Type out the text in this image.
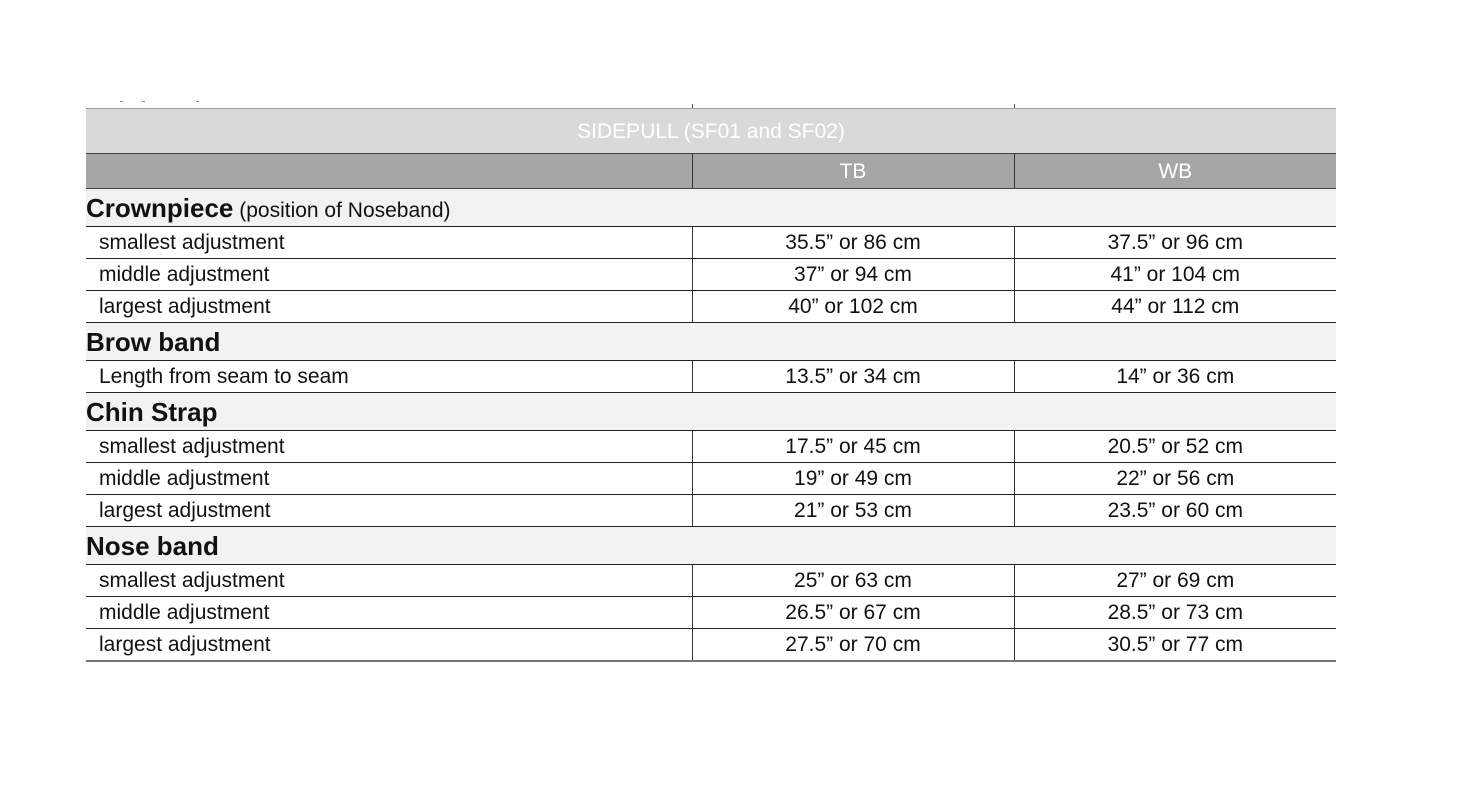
SIDEPULL (SF01 and SF02)		
	TB	WB
Crownpiece (position of Noseband)		
smallest adjustment	35.5” or 86 cm	37.5” or 96 cm
middle adjustment	37” or 94 cm	41” or 104 cm
largest adjustment	40” or 102 cm	44” or 112 cm
Brow band		
Length from seam to seam	13.5” or 34 cm	14” or 36 cm
Chin Strap		
smallest adjustment	17.5” or 45 cm	20.5” or 52 cm
middle adjustment	19” or 49 cm	22” or 56 cm
largest adjustment	21” or 53 cm	23.5” or 60 cm
Nose band		
smallest adjustment	25” or 63 cm	27” or 69 cm
middle adjustment	26.5” or 67 cm	28.5” or 73 cm
largest adjustment	27.5” or 70 cm	30.5” or 77 cm
